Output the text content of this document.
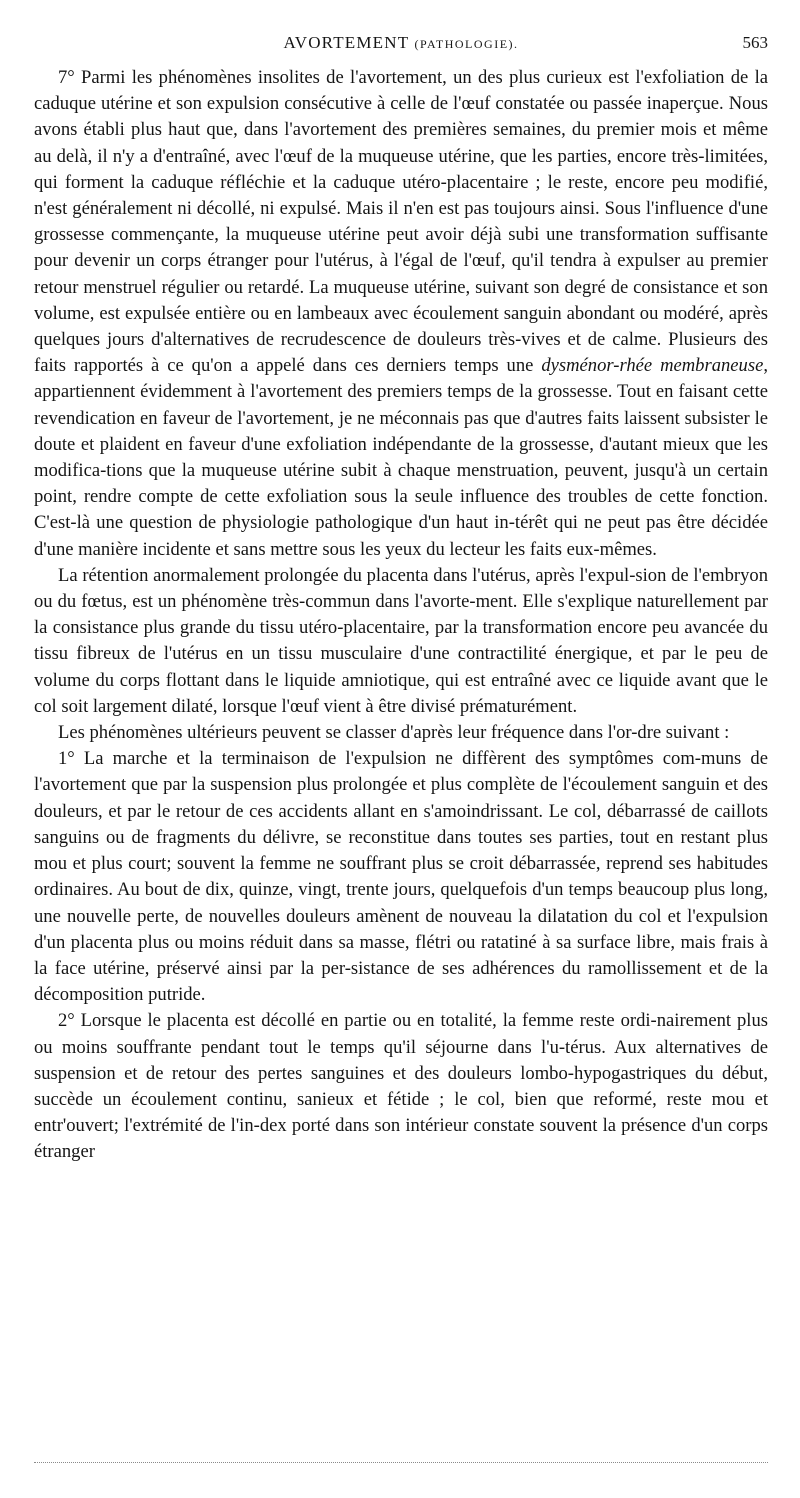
AVORTEMENT (PATHOLOGIE).	563

7° Parmi les phénomènes insolites de l'avortement, un des plus curieux est l'exfoliation de la caduque utérine et son expulsion consécutive à celle de l'œuf constatée ou passée inaperçue. Nous avons établi plus haut que, dans l'avortement des premières semaines, du premier mois et même au delà, il n'y a d'entraîné, avec l'œuf de la muqueuse utérine, que les parties, encore très-limitées, qui forment la caduque réfléchie et la caduque utéro-placentaire ; le reste, encore peu modifié, n'est généralement ni décollé, ni expulsé. Mais il n'en est pas toujours ainsi. Sous l'influence d'une grossesse commençante, la muqueuse utérine peut avoir déjà subi une transformation suffisante pour devenir un corps étranger pour l'utérus, à l'égal de l'œuf, qu'il tendra à expulser au premier retour menstruel régulier ou retardé. La muqueuse utérine, suivant son degré de consistance et son volume, est expulsée entière ou en lambeaux avec écoulement sanguin abondant ou modéré, après quelques jours d'alternatives de recrudescence de douleurs très-vives et de calme. Plusieurs des faits rapportés à ce qu'on a appelé dans ces derniers temps une dysménor-rhée membraneuse, appartiennent évidemment à l'avortement des premiers temps de la grossesse. Tout en faisant cette revendication en faveur de l'avortement, je ne méconnais pas que d'autres faits laissent subsister le doute et plaident en faveur d'une exfoliation indépendante de la grossesse, d'autant mieux que les modifica-tions que la muqueuse utérine subit à chaque menstruation, peuvent, jusqu'à un certain point, rendre compte de cette exfoliation sous la seule influence des troubles de cette fonction. C'est-là une question de physiologie pathologique d'un haut in-térêt qui ne peut pas être décidée d'une manière incidente et sans mettre sous les yeux du lecteur les faits eux-mêmes.

La rétention anormalement prolongée du placenta dans l'utérus, après l'expul-sion de l'embryon ou du fœtus, est un phénomène très-commun dans l'avorte-ment. Elle s'explique naturellement par la consistance plus grande du tissu utéro-placentaire, par la transformation encore peu avancée du tissu fibreux de l'utérus en un tissu musculaire d'une contractilité énergique, et par le peu de volume du corps flottant dans le liquide amniotique, qui est entraîné avec ce liquide avant que le col soit largement dilaté, lorsque l'œuf vient à être divisé prématurément.

Les phénomènes ultérieurs peuvent se classer d'après leur fréquence dans l'or-dre suivant :

1° La marche et la terminaison de l'expulsion ne diffèrent des symptômes com-muns de l'avortement que par la suspension plus prolongée et plus complète de l'écoulement sanguin et des douleurs, et par le retour de ces accidents allant en s'amoindrissant. Le col, débarrassé de caillots sanguins ou de fragments du délivre, se reconstitue dans toutes ses parties, tout en restant plus mou et plus court; souvent la femme ne souffrant plus se croit débarrassée, reprend ses habitudes ordinaires. Au bout de dix, quinze, vingt, trente jours, quelquefois d'un temps beaucoup plus long, une nouvelle perte, de nouvelles douleurs amènent de nouveau la dilatation du col et l'expulsion d'un placenta plus ou moins réduit dans sa masse, flétri ou ratatiné à sa surface libre, mais frais à la face utérine, préservé ainsi par la per-sistance de ses adhérences du ramollissement et de la décomposition putride.

2° Lorsque le placenta est décollé en partie ou en totalité, la femme reste ordi-nairement plus ou moins souffrante pendant tout le temps qu'il séjourne dans l'u-térus. Aux alternatives de suspension et de retour des pertes sanguines et des douleurs lombo-hypogastriques du début, succède un écoulement continu, sanieux et fétide ; le col, bien que reformé, reste mou et entr'ouvert; l'extrémité de l'in-dex porté dans son intérieur constate souvent la présence d'un corps étranger
